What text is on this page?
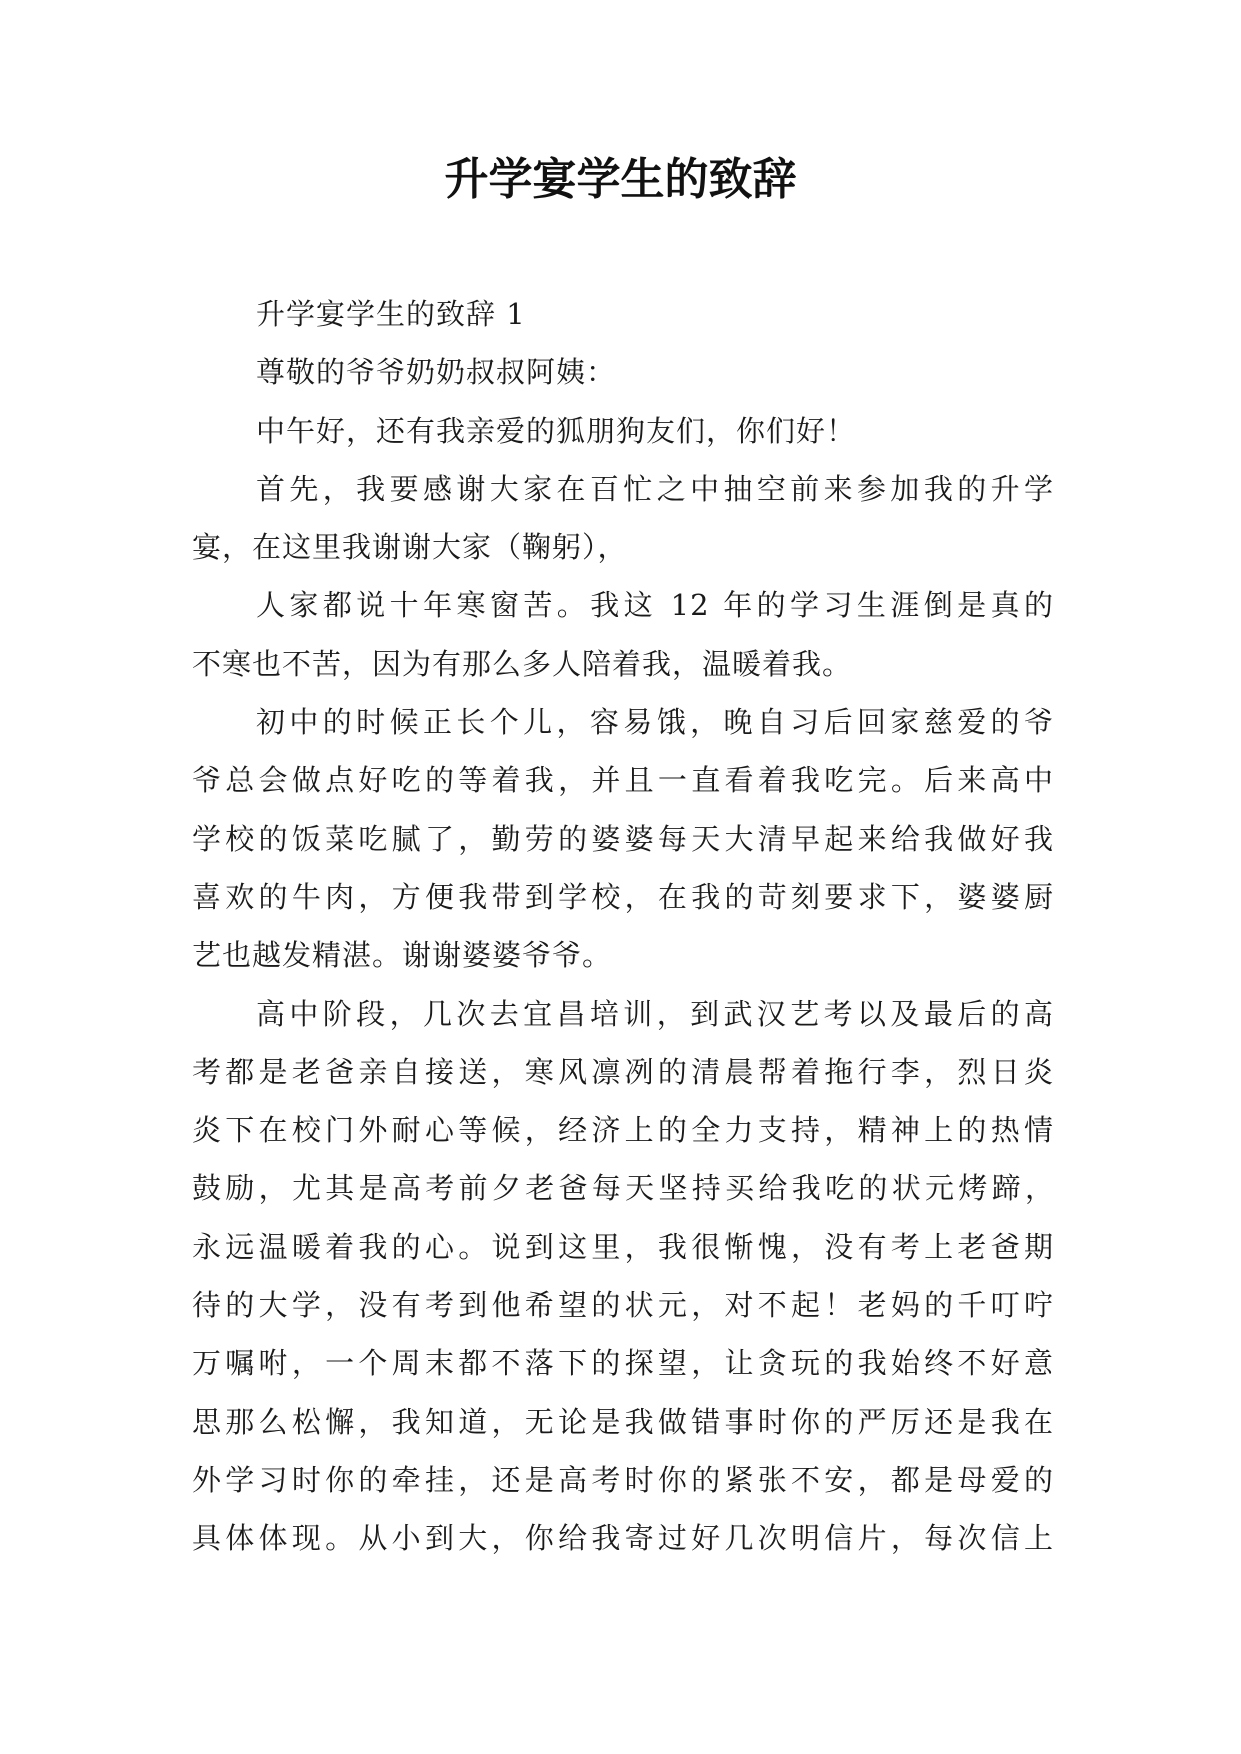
升学宴学生的致辞
升学宴学生的致辞 1
尊敬的爷爷奶奶叔叔阿姨：
中午好，还有我亲爱的狐朋狗友们，你们好！
首先，我要感谢大家在百忙之中抽空前来参加我的升学
宴，在这里我谢谢大家（鞠躬），
人家都说十年寒窗苦。我这 12 年的学习生涯倒是真的
不寒也不苦，因为有那么多人陪着我，温暖着我。
初中的时候正长个儿，容易饿，晚自习后回家慈爱的爷
爷总会做点好吃的等着我，并且一直看着我吃完。后来高中
学校的饭菜吃腻了，勤劳的婆婆每天大清早起来给我做好我
喜欢的牛肉，方便我带到学校，在我的苛刻要求下，婆婆厨
艺也越发精湛。谢谢婆婆爷爷。
高中阶段，几次去宜昌培训，到武汉艺考以及最后的高
考都是老爸亲自接送，寒风凛冽的清晨帮着拖行李，烈日炎
炎下在校门外耐心等候，经济上的全力支持，精神上的热情
鼓励，尤其是高考前夕老爸每天坚持买给我吃的状元烤蹄，
永远温暖着我的心。说到这里，我很惭愧，没有考上老爸期
待的大学，没有考到他希望的状元，对不起！老妈的千叮咛
万嘱咐，一个周末都不落下的探望，让贪玩的我始终不好意
思那么松懈，我知道，无论是我做错事时你的严厉还是我在
外学习时你的牵挂，还是高考时你的紧张不安，都是母爱的
具体体现。从小到大，你给我寄过好几次明信片，每次信上
